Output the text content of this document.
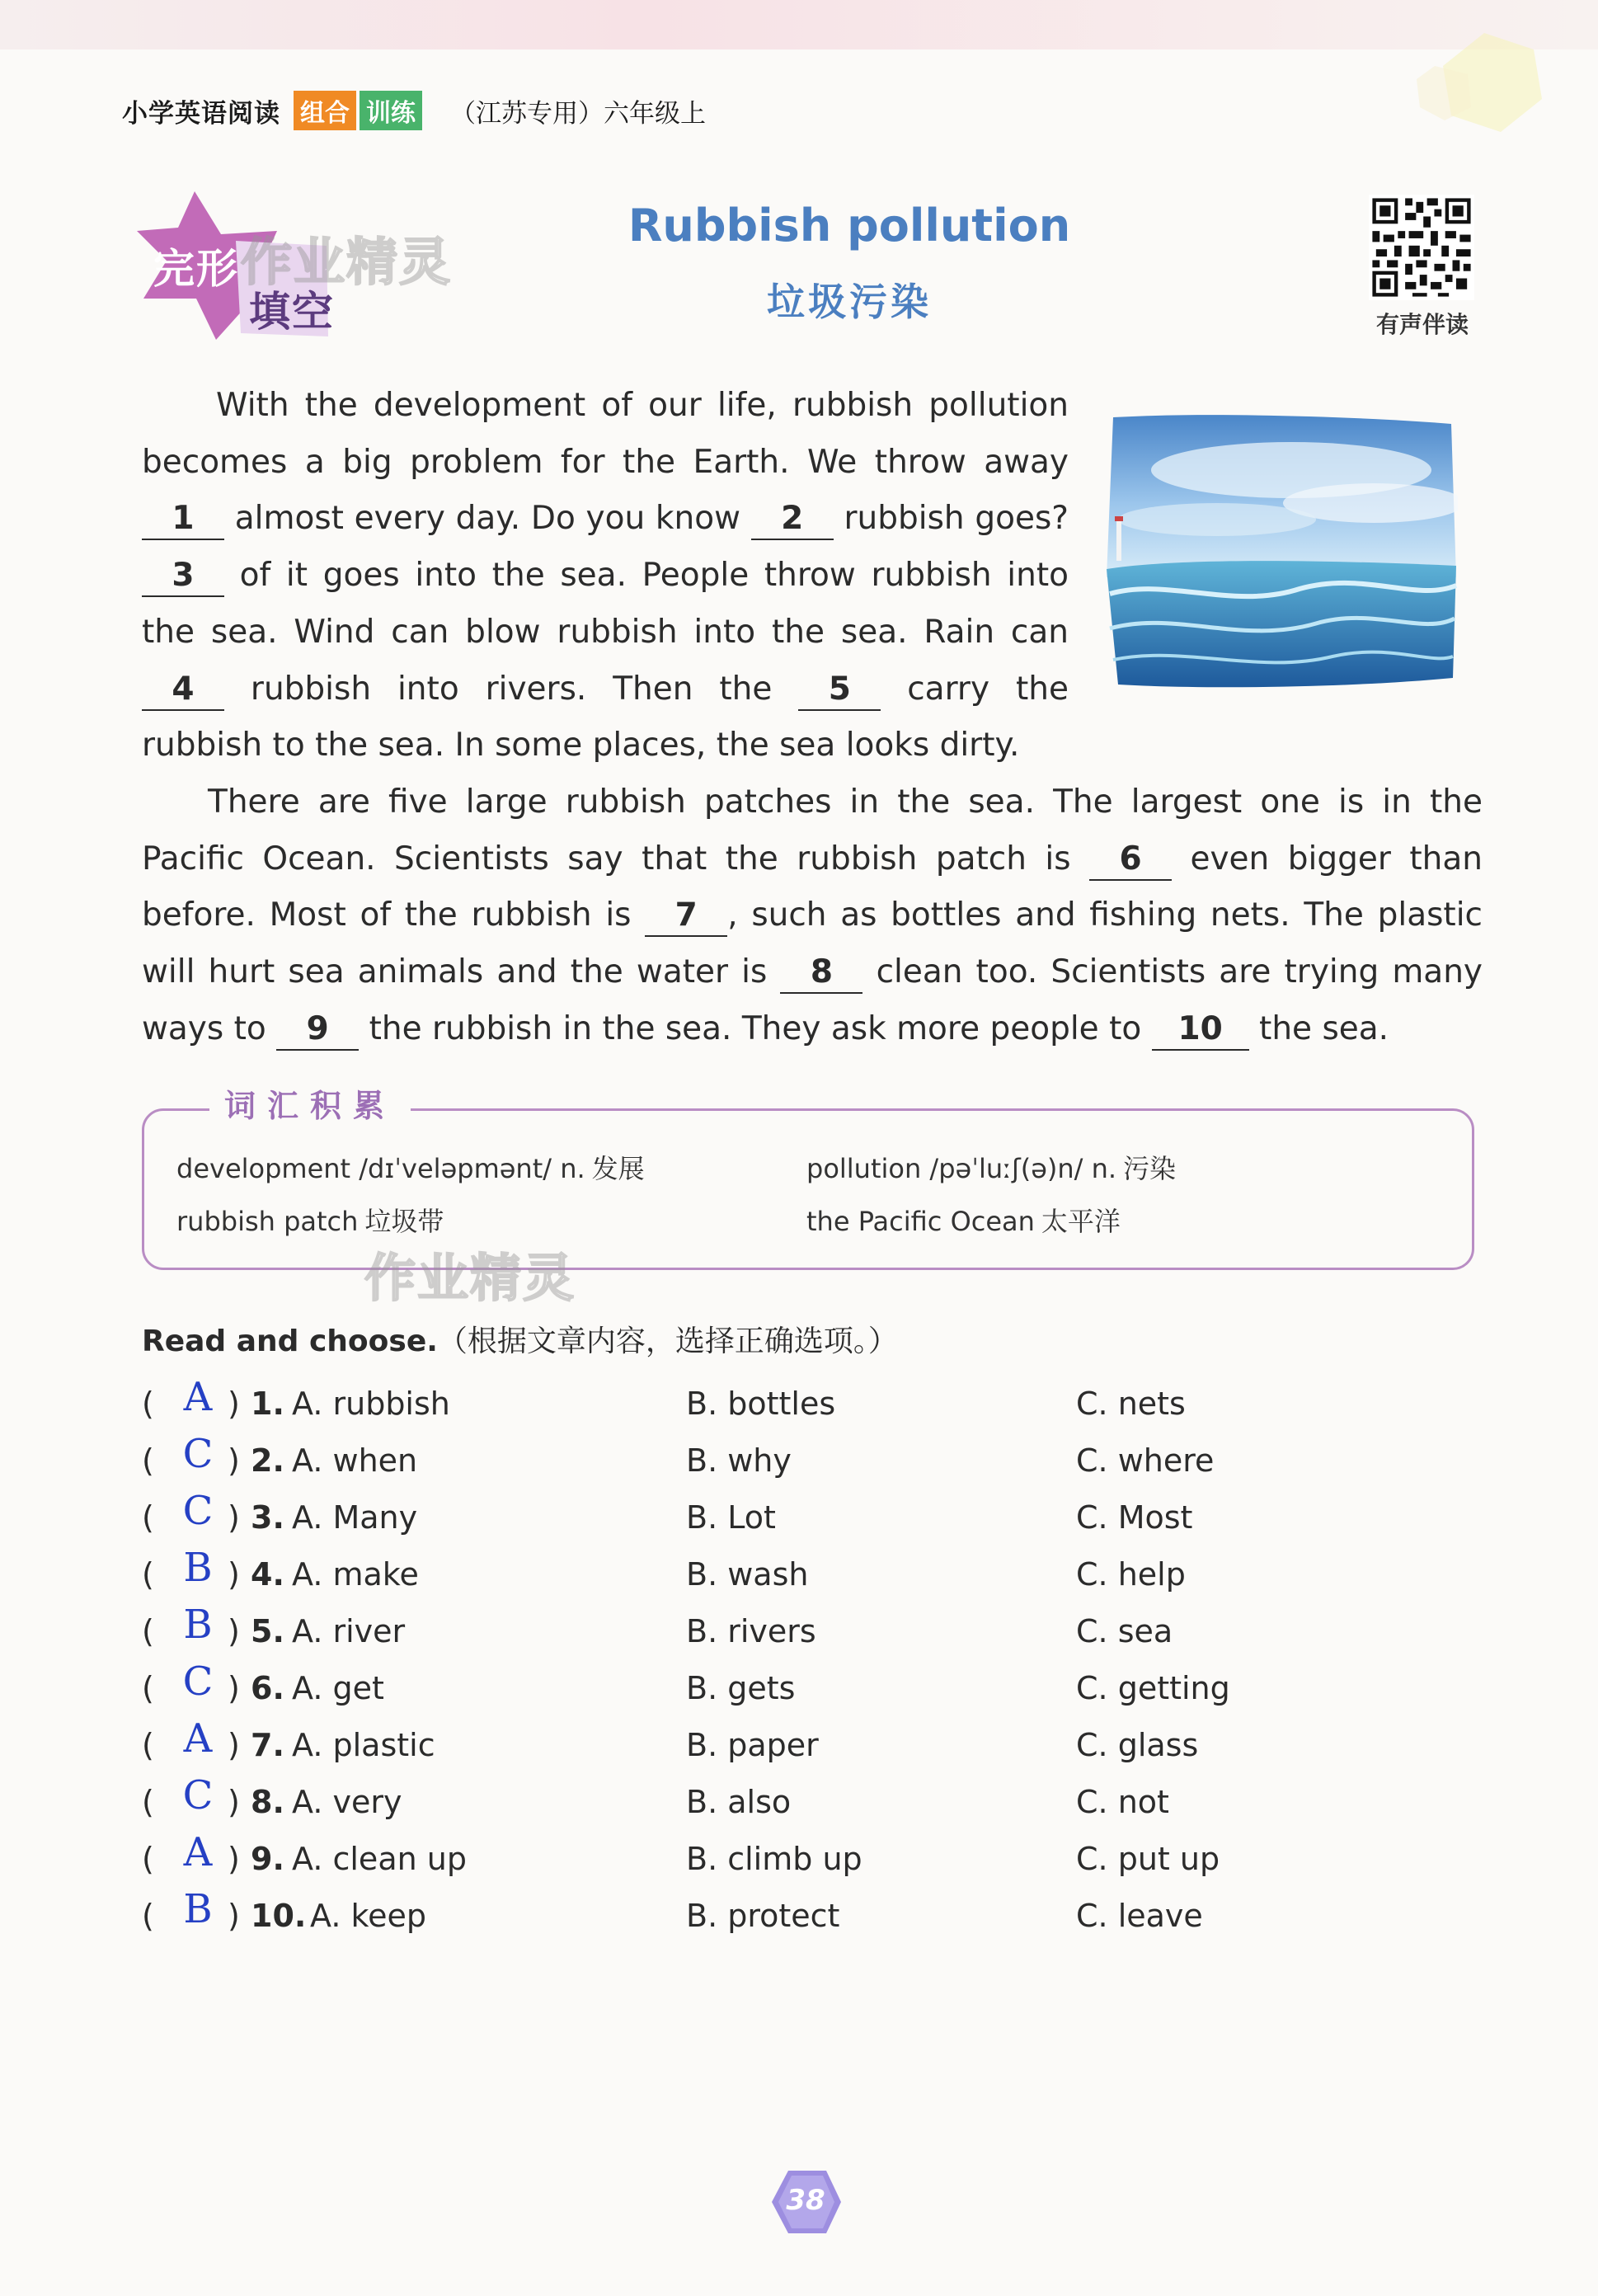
小学英语阅读 组合 训练 （江苏专用）六年级上
完形
填空
作业精灵
Rubbish pollution
垃圾污染
有声伴读
With the development of our life, rubbish pollution becomes a big problem for the Earth. We throw away 1 almost every day. Do you know 2 rubbish goes? 3 of it goes into the sea. People throw rubbish into the sea. Wind can blow rubbish into the sea. Rain can 4 rubbish into rivers. Then the 5 carry the rubbish to the sea. In some places, the sea looks dirty.
There are five large rubbish patches in the sea. The largest one is in the Pacific Ocean. Scientists say that the rubbish patch is 6 even bigger than before. Most of the rubbish is 7 , such as bottles and fishing nets. The plastic will hurt sea animals and the water is 8 clean too. Scientists are trying many ways to 9 the rubbish in the sea. They ask more people to 10 the sea.
词汇积累
development /dɪˈveləpmənt/ n. 发展	pollution /pəˈluːʃ(ə)n/ n. 污染
rubbish patch 垃圾带	the Pacific Ocean 太平洋
作业精灵
Read and choose.（根据文章内容，选择正确选项。）
( A ) 1. A. rubbish	B. bottles	C. nets
( C ) 2. A. when	B. why	C. where
( C ) 3. A. Many	B. Lot	C. Most
( B ) 4. A. make	B. wash	C. help
( B ) 5. A. river	B. rivers	C. sea
( C ) 6. A. get	B. gets	C. getting
( A ) 7. A. plastic	B. paper	C. glass
( C ) 8. A. very	B. also	C. not
( A ) 9. A. clean up	B. climb up	C. put up
( B ) 10. A. keep	B. protect	C. leave
38
